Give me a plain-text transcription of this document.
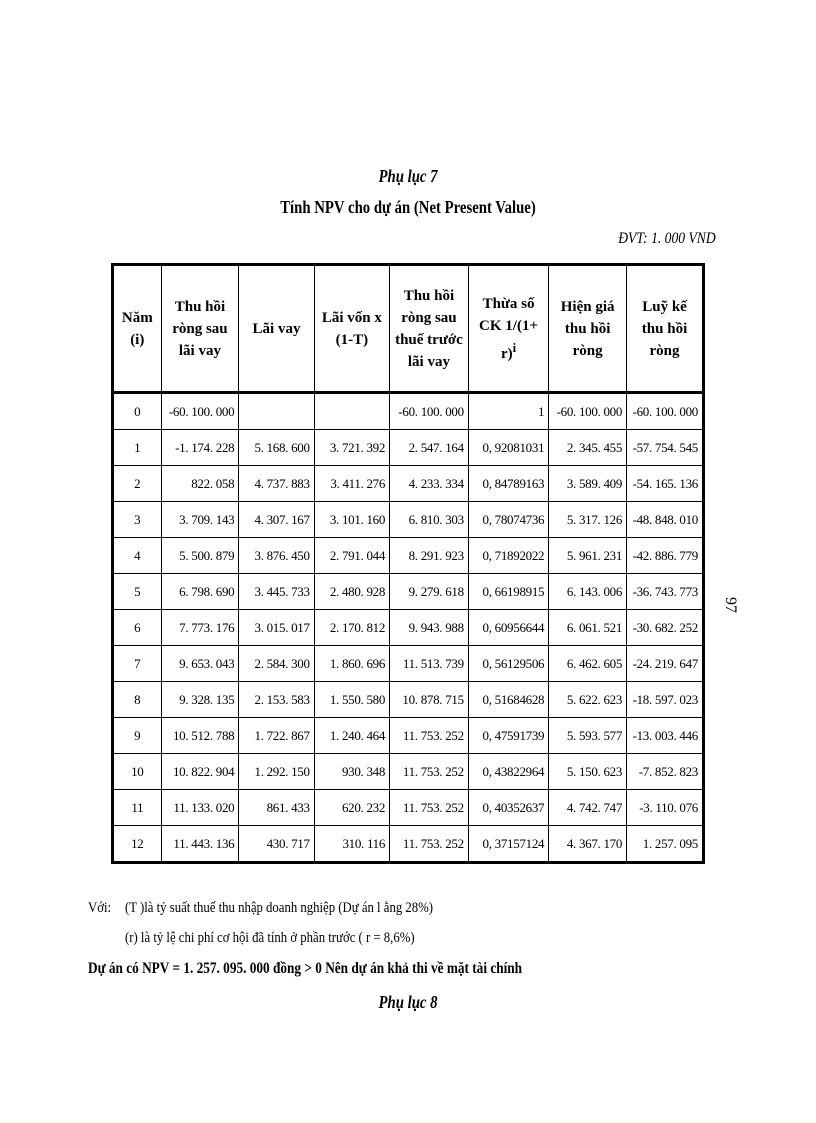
Phụ lục 7
Tính NPV cho dự án (Net Present Value)
ĐVT: 1. 000 VND
Năm (i)	Thu hồi ròng sau lãi vay	Lãi vay	Lãi vốn x (1-T)	Thu hồi ròng sau thuế trước lãi vay	Thừa số CK $1/(1+ r)^i$	Hiện giá thu hồi ròng	Luỹ kế thu hồi ròng
0	-60. 100. 000			-60. 100. 000	1	-60. 100. 000	-60. 100. 000
1	-1. 174. 228	5. 168. 600	3. 721. 392	2. 547. 164	0, 92081031	2. 345. 455	-57. 754. 545
2	822. 058	4. 737. 883	3. 411. 276	4. 233. 334	0, 84789163	3. 589. 409	-54. 165. 136
3	3. 709. 143	4. 307. 167	3. 101. 160	6. 810. 303	0, 78074736	5. 317. 126	-48. 848. 010
4	5. 500. 879	3. 876. 450	2. 791. 044	8. 291. 923	0, 71892022	5. 961. 231	-42. 886. 779
5	6. 798. 690	3. 445. 733	2. 480. 928	9. 279. 618	0, 66198915	6. 143. 006	-36. 743. 773
6	7. 773. 176	3. 015. 017	2. 170. 812	9. 943. 988	0, 60956644	6. 061. 521	-30. 682. 252
7	9. 653. 043	2. 584. 300	1. 860. 696	11. 513. 739	0, 56129506	6. 462. 605	-24. 219. 647
8	9. 328. 135	2. 153. 583	1. 550. 580	10. 878. 715	0, 51684628	5. 622. 623	-18. 597. 023
9	10. 512. 788	1. 722. 867	1. 240. 464	11. 753. 252	0, 47591739	5. 593. 577	-13. 003. 446
10	10. 822. 904	1. 292. 150	930. 348	11. 753. 252	0, 43822964	5. 150. 623	-7. 852. 823
11	11. 133. 020	861. 433	620. 232	11. 753. 252	0, 40352637	4. 742. 747	-3. 110. 076
12	11. 443. 136	430. 717	310. 116	11. 753. 252	0, 37157124	4. 367. 170	1. 257. 095
Với: (T )là tỷ suất thuế thu nhập doanh nghiệp (Dự án l ằng 28%)
(r) là tỷ lệ chi phí cơ hội đã tính ở phần trước ( r = 8,6%)
Dự án có NPV = 1. 257. 095. 000 đồng > 0 Nên dự án khả thi về mặt tài chính
Phụ lục 8
97
